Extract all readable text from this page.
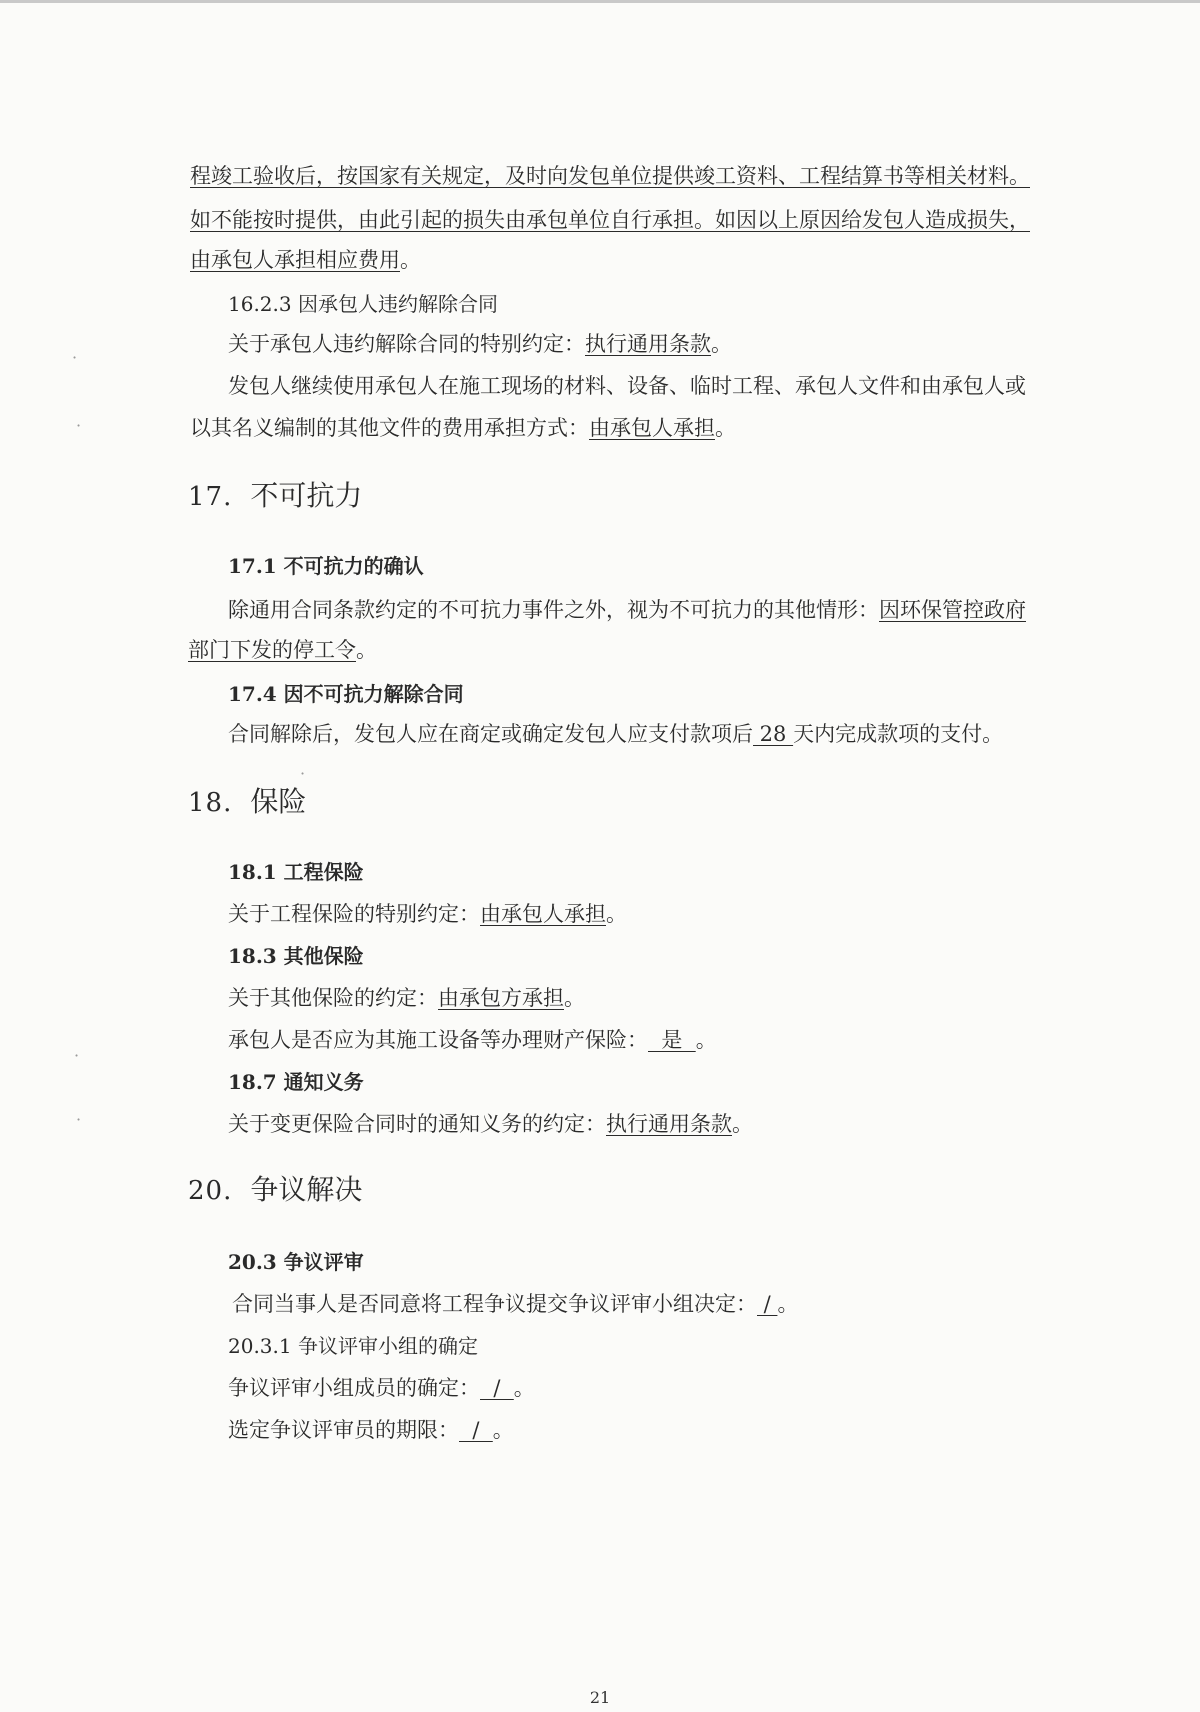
程竣工验收后，按国家有关规定，及时向发包单位提供竣工资料、工程结算书等相关材料。
如不能按时提供，由此引起的损失由承包单位自行承担。如因以上原因给发包人造成损失，
由承包人承担相应费用。
16.2.3 因承包人违约解除合同
关于承包人违约解除合同的特别约定：执行通用条款。
发包人继续使用承包人在施工现场的材料、设备、临时工程、承包人文件和由承包人或
以其名义编制的其他文件的费用承担方式：由承包人承担。
17. 不可抗力
17.1 不可抗力的确认
除通用合同条款约定的不可抗力事件之外，视为不可抗力的其他情形：因环保管控政府
部门下发的停工令。
17.4 因不可抗力解除合同
合同解除后，发包人应在商定或确定发包人应支付款项后 28 天内完成款项的支付。
18. 保险
18.1 工程保险
关于工程保险的特别约定：由承包人承担。
18.3 其他保险
关于其他保险的约定：由承包方承担。
承包人是否应为其施工设备等办理财产保险：  是  。
18.7 通知义务
关于变更保险合同时的通知义务的约定：执行通用条款。
20. 争议解决
20.3 争议评审
合同当事人是否同意将工程争议提交争议评审小组决定： / 。
20.3.1 争议评审小组的确定
争议评审小组成员的确定：  /  。
选定争议评审员的期限：  /  。
21
·
·
·
·
·
